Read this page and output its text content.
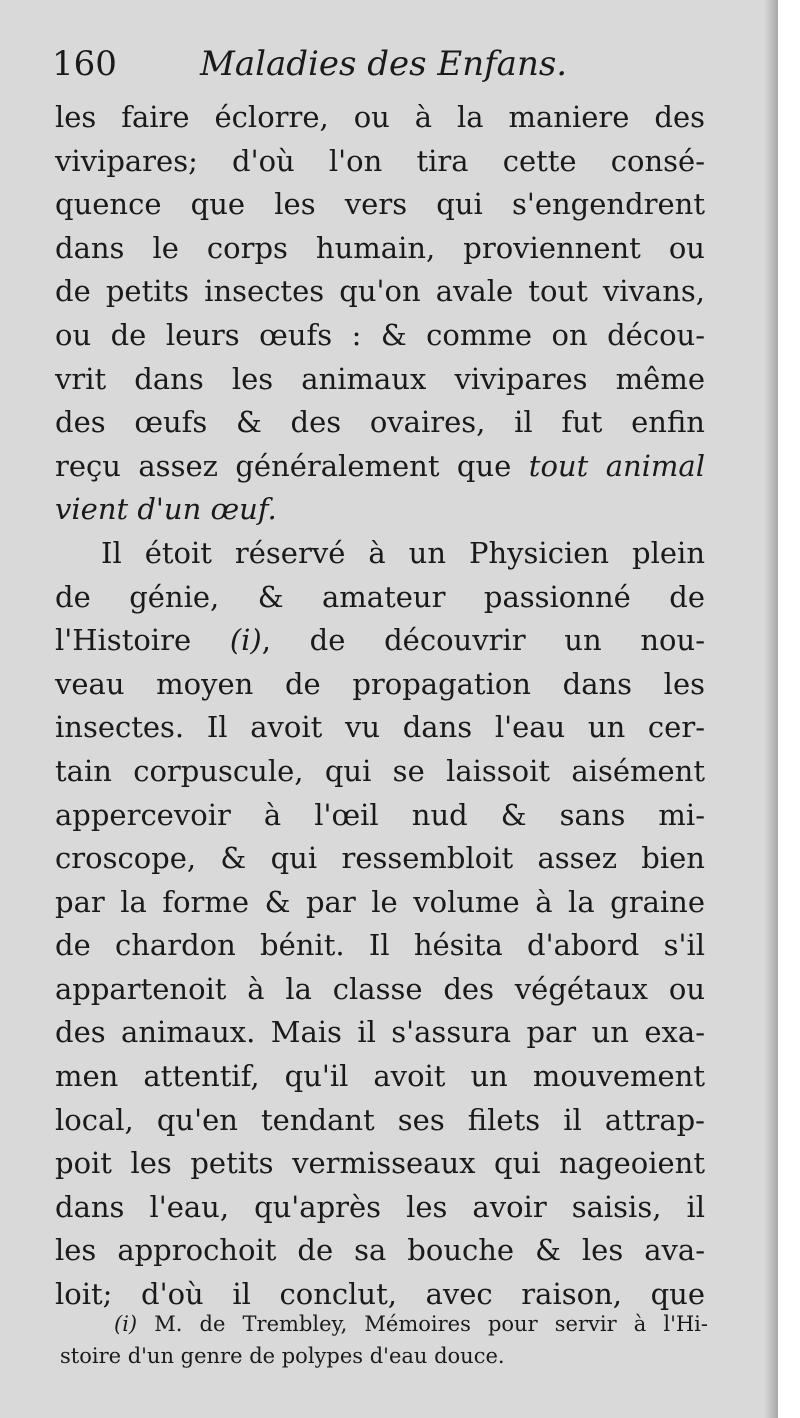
160 Maladies des Enfans.
les faire éclorre, ou à la maniere des
vivipares; d'où l'on tira cette consé-
quence que les vers qui s'engendrent
dans le corps humain, proviennent ou
de petits insectes qu'on avale tout vivans,
ou de leurs œufs : & comme on décou-
vrit dans les animaux vivipares même
des œufs & des ovaires, il fut enfin
reçu assez généralement que tout animal
vient d'un œuf.
Il étoit réservé à un Physicien plein
de génie, & amateur passionné de
l'Histoire (i), de découvrir un nou-
veau moyen de propagation dans les
insectes. Il avoit vu dans l'eau un cer-
tain corpuscule, qui se laissoit aisément
appercevoir à l'œil nud & sans mi-
croscope, & qui ressembloit assez bien
par la forme & par le volume à la graine
de chardon bénit. Il hésita d'abord s'il
appartenoit à la classe des végétaux ou
des animaux. Mais il s'assura par un exa-
men attentif, qu'il avoit un mouvement
local, qu'en tendant ses filets il attrap-
poit les petits vermisseaux qui nageoient
dans l'eau, qu'après les avoir saisis, il
les approchoit de sa bouche & les ava-
loit; d'où il conclut, avec raison, que
(i) M. de Trembley, Mémoires pour servir à l'Hi-
stoire d'un genre de polypes d'eau douce.
